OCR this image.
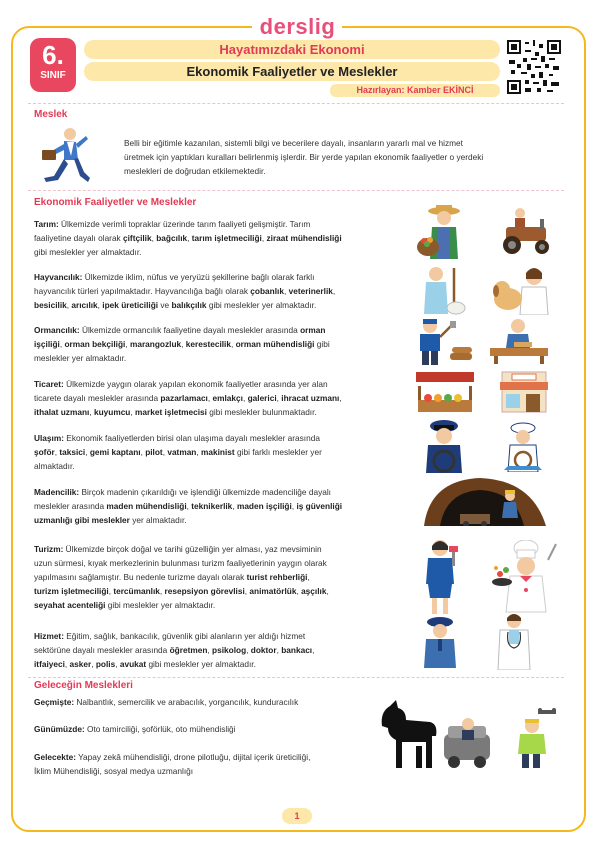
derslig
6.
SINIF
Hayatımızdaki Ekonomi
Ekonomik Faaliyetler ve Meslekler
Hazırlayan: Kamber EKİNCİ
Meslek
Belli bir eğitimle kazanılan, sistemli bilgi ve becerilere dayalı, insanların yararlı mal ve hizmet
üretmek için yaptıkları kuralları belirlenmiş işlerdir. Bir yerde yapılan ekonomik faaliyetler o yerdeki
meslekleri de doğrudan etkilemektedir.
Ekonomik Faaliyetler ve Meslekler
Tarım: Ülkemizde verimli topraklar üzerinde tarım faaliyeti gelişmiştir. Tarım
faaliyetine dayalı olarak çiftçilik, bağcılık, tarım işletmeciliği, ziraat mühendisliği
gibi meslekler yer almaktadır.
Hayvancılık: Ülkemizde iklim, nüfus ve yeryüzü şekillerine bağlı olarak farklı
hayvancılık türleri yapılmaktadır. Hayvancılığa bağlı olarak çobanlık, veterinerlik,
besicilik, arıcılık, ipek üreticiliği ve balıkçılık gibi meslekler yer almaktadır.
Ormancılık: Ülkemizde ormancılık faaliyetine dayalı meslekler arasında orman
işçiliği, orman bekçiliği, marangozluk, kerestecilik, orman mühendisliği gibi
meslekler yer almaktadır.
Ticaret: Ülkemizde yaygın olarak yapılan ekonomik faaliyetler arasında yer alan
ticarete dayalı meslekler arasında pazarlamacı, emlakçı, galerici, ihracat uzmanı,
ithalat uzmanı, kuyumcu, market işletmecisi gibi meslekler bulunmaktadır.
Ulaşım: Ekonomik faaliyetlerden birisi olan ulaşıma dayalı meslekler arasında
şoför, taksici, gemi kaptanı, pilot, vatman, makinist gibi farklı meslekler yer
almaktadır.
Madencilik: Birçok madenin çıkarıldığı ve işlendiği ülkemizde madenciliğe dayalı
meslekler arasında maden mühendisliği, teknikerlik, maden işçiliği, iş güvenliği
uzmanlığı gibi meslekler yer almaktadır.
Turizm: Ülkemizde birçok doğal ve tarihi güzelliğin yer alması, yaz mevsiminin
uzun sürmesi, kıyak merkezlerinin bulunması turizm faaliyetlerinin yaygın olarak
yapılmasını sağlamıştır. Bu nedenle turizme dayalı olarak turist rehberliği,
turizm işletmeciliği, tercümanlık, resepsiyon görevlisi, animatörlük, aşçılık,
seyahat acenteliği gibi meslekler yer almaktadır.
Hizmet: Eğitim, sağlık, bankacılık, güvenlik gibi alanların yer aldığı hizmet
sektörüne dayalı meslekler arasında öğretmen, psikolog, doktor, bankacı,
itfaiyeci, asker, polis, avukat gibi meslekler yer almaktadır.
Geleceğin Meslekleri
Geçmişte: Nalbantlık, semercilik ve arabacılık, yorgancılık, kunduracılık
Günümüzde: Oto tamirciliği, şoförlük, oto mühendisliği
Gelecekte: Yapay zekâ mühendisliği, drone pilotluğu, dijital içerik üreticiliği,
İklim Mühendisliği, sosyal medya uzmanlığı
1
